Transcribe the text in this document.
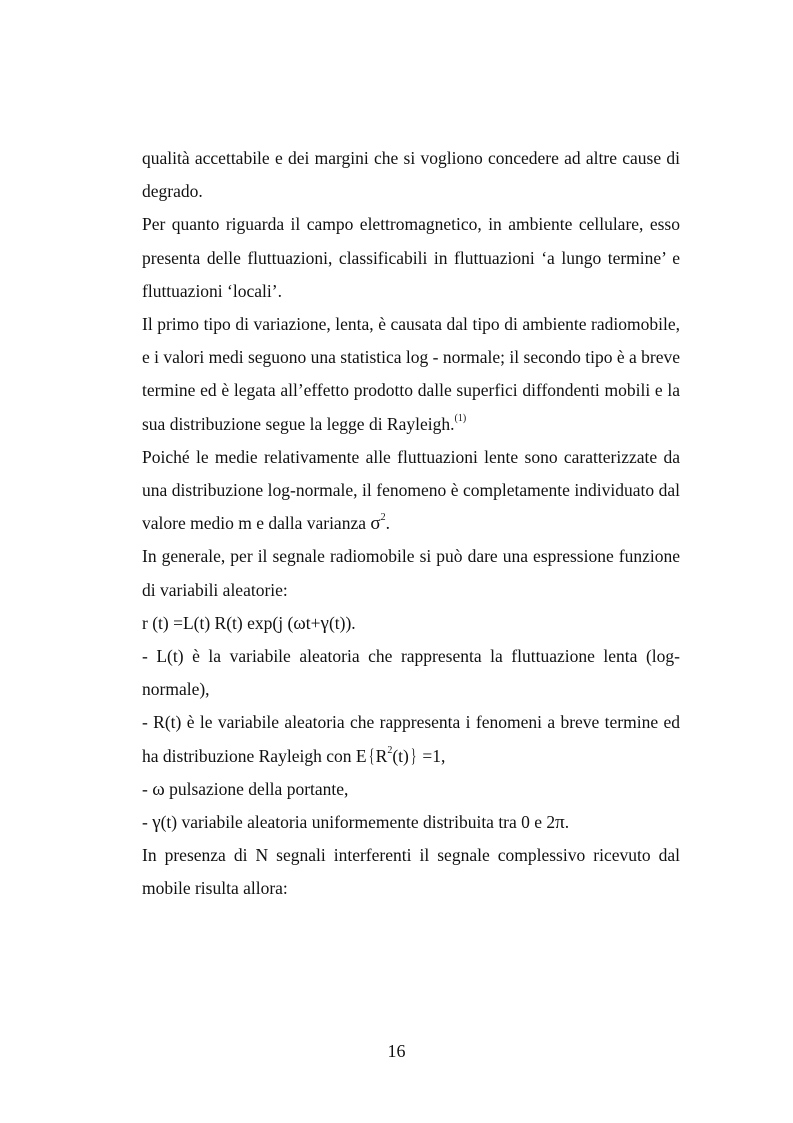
qualità accettabile e dei margini che si vogliono concedere ad altre cause di degrado.

Per quanto riguarda il campo elettromagnetico, in ambiente cellulare, esso presenta delle fluttuazioni, classificabili in fluttuazioni ‘a lungo termine’ e fluttuazioni ‘locali’.

Il primo tipo di variazione, lenta, è causata dal tipo di ambiente radiomobile, e i valori medi seguono una statistica log - normale; il secondo tipo è a breve termine ed è legata all’effetto prodotto dalle superfici diffondenti mobili e la sua distribuzione segue la legge di Rayleigh.$^{(1)}$

Poiché le medie relativamente alle fluttuazioni lente sono caratterizzate da una distribuzione log-normale, il fenomeno è completamente individuato dal valore medio m e dalla varianza $\sigma^2$.

In generale, per il segnale radiomobile si può dare una espressione funzione di variabili aleatorie:

r (t) =L(t) R(t) exp(j (ωt+γ(t)).

- L(t) è la variabile aleatoria che rappresenta la fluttuazione lenta (log-normale),

- R(t) è le variabile aleatoria che rappresenta i fenomeni a breve termine ed ha distribuzione Rayleigh con E{ $R^2(t)\} =1$,

- ω pulsazione della portante,

- γ(t) variabile aleatoria uniformemente distribuita tra 0 e 2π.

In presenza di N segnali interferenti il segnale complessivo ricevuto dal mobile risulta allora:

16
